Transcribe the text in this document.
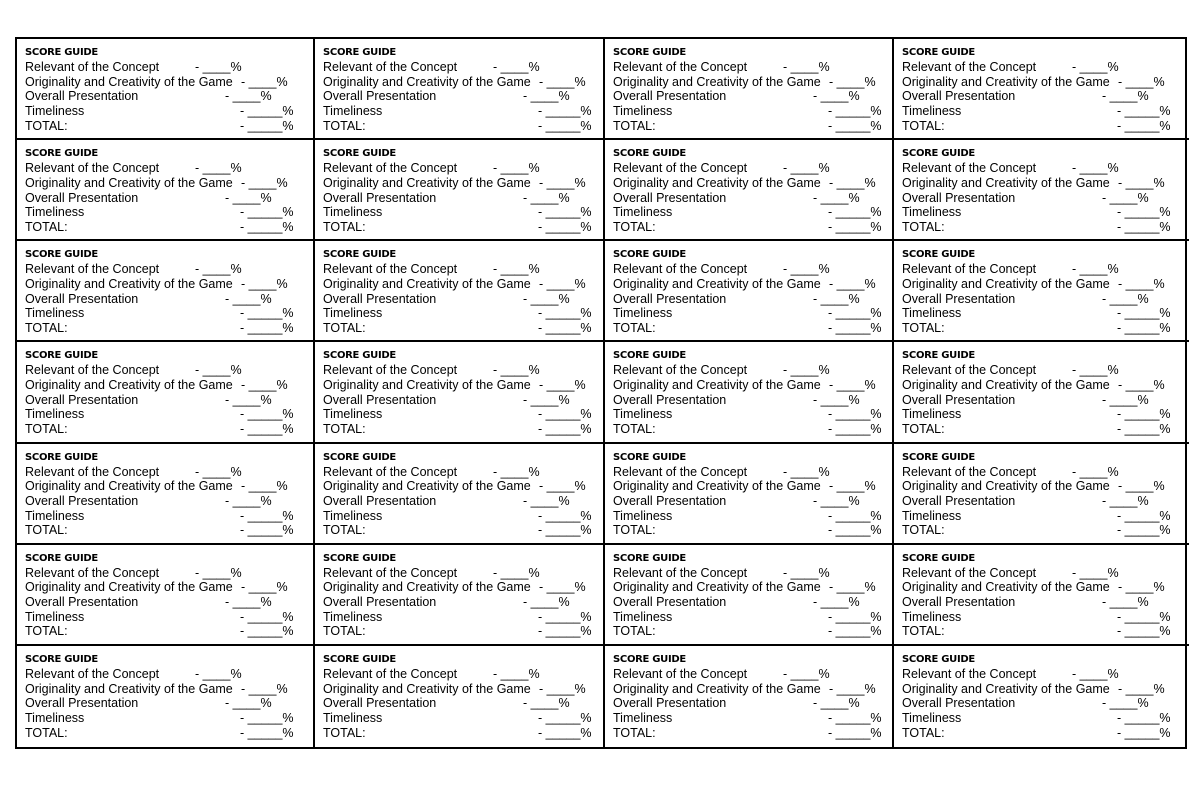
SCORE GUIDE
Relevant of the Concept	- ____%
Originality and Creativity of the Game - ____%
Overall Presentation	- ____%
Timeliness	- _____%
TOTAL:	- _____%
SCORE GUIDE
Relevant of the Concept	- ____%
Originality and Creativity of the Game - ____%
Overall Presentation	- ____%
Timeliness	- _____%
TOTAL:	- _____%
SCORE GUIDE
Relevant of the Concept	- ____%
Originality and Creativity of the Game - ____%
Overall Presentation	- ____%
Timeliness	- _____%
TOTAL:	- _____%
SCORE GUIDE
Relevant of the Concept	- ____%
Originality and Creativity of the Game - ____%
Overall Presentation	- ____%
Timeliness	- _____%
TOTAL:	- _____%
SCORE GUIDE
Relevant of the Concept	- ____%
Originality and Creativity of the Game - ____%
Overall Presentation	- ____%
Timeliness	- _____%
TOTAL:	- _____%
SCORE GUIDE
Relevant of the Concept	- ____%
Originality and Creativity of the Game - ____%
Overall Presentation	- ____%
Timeliness	- _____%
TOTAL:	- _____%
SCORE GUIDE
Relevant of the Concept	- ____%
Originality and Creativity of the Game - ____%
Overall Presentation	- ____%
Timeliness	- _____%
TOTAL:	- _____%
SCORE GUIDE
Relevant of the Concept	- ____%
Originality and Creativity of the Game - ____%
Overall Presentation	- ____%
Timeliness	- _____%
TOTAL:	- _____%
SCORE GUIDE
Relevant of the Concept	- ____%
Originality and Creativity of the Game - ____%
Overall Presentation	- ____%
Timeliness	- _____%
TOTAL:	- _____%
SCORE GUIDE
Relevant of the Concept	- ____%
Originality and Creativity of the Game - ____%
Overall Presentation	- ____%
Timeliness	- _____%
TOTAL:	- _____%
SCORE GUIDE
Relevant of the Concept	- ____%
Originality and Creativity of the Game - ____%
Overall Presentation	- ____%
Timeliness	- _____%
TOTAL:	- _____%
SCORE GUIDE
Relevant of the Concept	- ____%
Originality and Creativity of the Game - ____%
Overall Presentation	- ____%
Timeliness	- _____%
TOTAL:	- _____%
SCORE GUIDE
Relevant of the Concept	- ____%
Originality and Creativity of the Game - ____%
Overall Presentation	- ____%
Timeliness	- _____%
TOTAL:	- _____%
SCORE GUIDE
Relevant of the Concept	- ____%
Originality and Creativity of the Game - ____%
Overall Presentation	- ____%
Timeliness	- _____%
TOTAL:	- _____%
SCORE GUIDE
Relevant of the Concept	- ____%
Originality and Creativity of the Game - ____%
Overall Presentation	- ____%
Timeliness	- _____%
TOTAL:	- _____%
SCORE GUIDE
Relevant of the Concept	- ____%
Originality and Creativity of the Game - ____%
Overall Presentation	- ____%
Timeliness	- _____%
TOTAL:	- _____%
SCORE GUIDE
Relevant of the Concept	- ____%
Originality and Creativity of the Game - ____%
Overall Presentation	- ____%
Timeliness	- _____%
TOTAL:	- _____%
SCORE GUIDE
Relevant of the Concept	- ____%
Originality and Creativity of the Game - ____%
Overall Presentation	- ____%
Timeliness	- _____%
TOTAL:	- _____%
SCORE GUIDE
Relevant of the Concept	- ____%
Originality and Creativity of the Game - ____%
Overall Presentation	- ____%
Timeliness	- _____%
TOTAL:	- _____%
SCORE GUIDE
Relevant of the Concept	- ____%
Originality and Creativity of the Game - ____%
Overall Presentation	- ____%
Timeliness	- _____%
TOTAL:	- _____%
SCORE GUIDE
Relevant of the Concept	- ____%
Originality and Creativity of the Game - ____%
Overall Presentation	- ____%
Timeliness	- _____%
TOTAL:	- _____%
SCORE GUIDE
Relevant of the Concept	- ____%
Originality and Creativity of the Game - ____%
Overall Presentation	- ____%
Timeliness	- _____%
TOTAL:	- _____%
SCORE GUIDE
Relevant of the Concept	- ____%
Originality and Creativity of the Game - ____%
Overall Presentation	- ____%
Timeliness	- _____%
TOTAL:	- _____%
SCORE GUIDE
Relevant of the Concept	- ____%
Originality and Creativity of the Game - ____%
Overall Presentation	- ____%
Timeliness	- _____%
TOTAL:	- _____%
SCORE GUIDE
Relevant of the Concept	- ____%
Originality and Creativity of the Game - ____%
Overall Presentation	- ____%
Timeliness	- _____%
TOTAL:	- _____%
SCORE GUIDE
Relevant of the Concept	- ____%
Originality and Creativity of the Game - ____%
Overall Presentation	- ____%
Timeliness	- _____%
TOTAL:	- _____%
SCORE GUIDE
Relevant of the Concept	- ____%
Originality and Creativity of the Game - ____%
Overall Presentation	- ____%
Timeliness	- _____%
TOTAL:	- _____%
SCORE GUIDE
Relevant of the Concept	- ____%
Originality and Creativity of the Game - ____%
Overall Presentation	- ____%
Timeliness	- _____%
TOTAL:	- _____%
